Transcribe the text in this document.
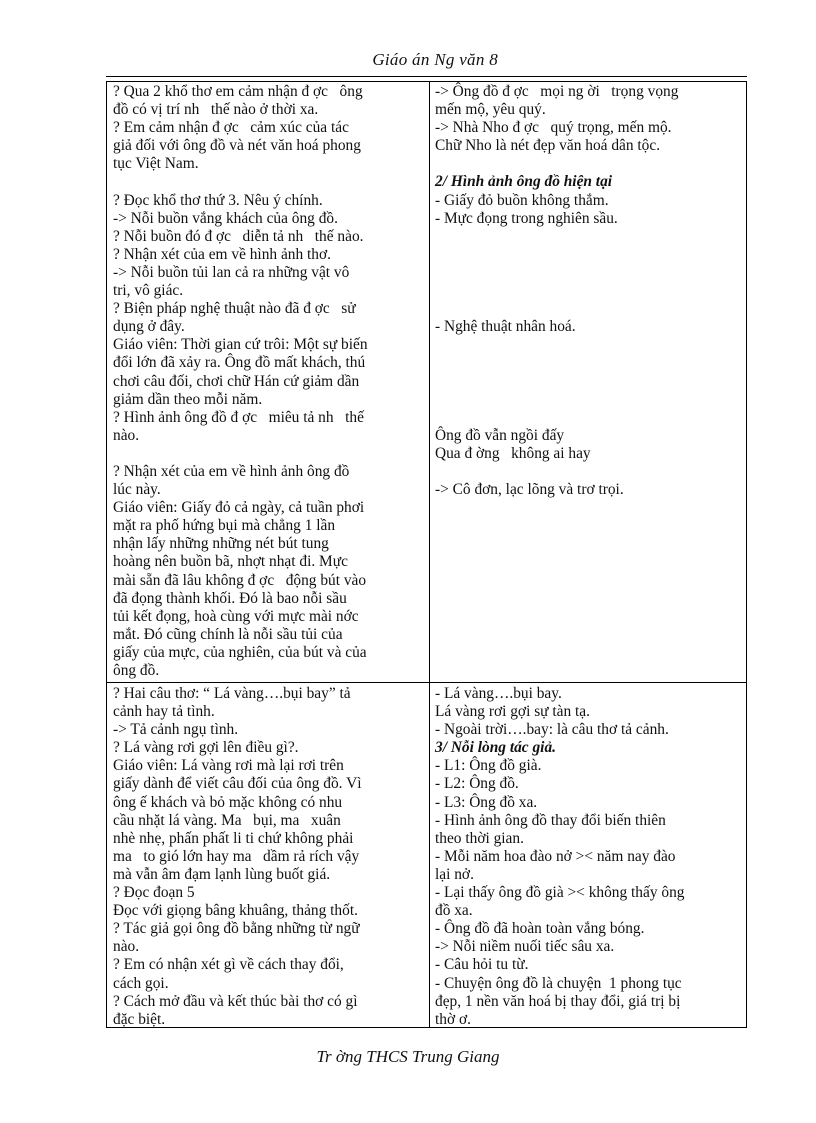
Giáo án Ng văn 8
? Qua 2 khổ thơ em cảm nhận đ ợc   ông
đồ có vị trí nh   thế nào ở thời xa.
? Em cảm nhận đ ợc   cảm xúc của tác
giả đối với ông đồ và nét văn hoá phong
tục Việt Nam.
? Đọc khổ thơ thứ 3. Nêu ý chính.
-> Nỗi buồn vắng khách của ông đồ.
? Nỗi buồn đó đ ợc   diễn tả nh   thế nào.
? Nhận xét của em về hình ảnh thơ.
-> Nỗi buồn tủi lan cả ra những vật vô
tri, vô giác.
? Biện pháp nghệ thuật nào đã đ ợc   sử
dụng ở đây.
Giáo viên: Thời gian cứ trôi: Một sự biến
đổi lớn đã xảy ra. Ông đồ mất khách, thú
chơi câu đối, chơi chữ Hán cứ giảm dần
giảm dần theo mỗi năm.
? Hình ảnh ông đồ đ ợc   miêu tả nh   thế
nào.
? Nhận xét của em về hình ảnh ông đồ
lúc này.
Giáo viên: Giấy đỏ cả ngày, cả tuần phơi
mặt ra phố hứng bụi mà chẳng 1 lần
nhận lấy những những nét bút tung
hoàng nên buồn bã, nhợt nhạt đi. Mực
mài sẵn đã lâu không đ ợc   động bút vào
đã đọng thành khối. Đó là bao nỗi sầu
tủi kết đọng, hoà cùng với mực mài nớc
mắt. Đó cũng chính là nỗi sầu tủi của
giấy của mực, của nghiên, của bút và của
ông đồ.
-> Ông đồ đ ợc   mọi ng ời   trọng vọng
mến mộ, yêu quý.
-> Nhà Nho đ ợc   quý trọng, mến mộ.
Chữ Nho là nét đẹp văn hoá dân tộc.
2/ Hình ảnh ông đồ hiện tại
- Giấy đỏ buồn không thắm.
- Mực đọng trong nghiên sầu.
- Nghệ thuật nhân hoá.
Ông đồ vẫn ngồi đấy
Qua đ ờng   không ai hay
-> Cô đơn, lạc lõng và trơ trọi.
? Hai câu thơ: “ Lá vàng….bụi bay” tả
cảnh hay tả tình.
-> Tả cảnh ngụ tình.
? Lá vàng rơi gợi lên điều gì?.
Giáo viên: Lá vàng rơi mà lại rơi trên
giấy dành để viết câu đối của ông đồ. Vì
ông ế khách và bỏ mặc không có nhu
cầu nhặt lá vàng. Ma   bụi, ma   xuân
nhè nhẹ, phấn phất li ti chứ không phải
ma   to gió lớn hay ma   dầm rả rích vậy
mà vẫn âm đạm lạnh lùng buốt giá.
? Đọc đoạn 5
Đọc với giọng bâng khuâng, thảng thốt.
? Tác giả gọi ông đồ bằng những từ ngữ
nào.
? Em có nhận xét gì về cách thay đổi,
cách gọi.
? Cách mở đầu và kết thúc bài thơ có gì
đặc biệt.
- Lá vàng….bụi bay.
Lá vàng rơi gợi sự tàn tạ.
- Ngoài trời….bay: là câu thơ tả cảnh.
3/ Nỗi lòng tác giả.
- L1: Ông đồ già.
- L2: Ông đồ.
- L3: Ông đồ xa.
- Hình ảnh ông đồ thay đổi biến thiên
theo thời gian.
- Mỗi năm hoa đào nở >< năm nay đào
lại nở.
- Lại thấy ông đồ già >< không thấy ông
đồ xa.
- Ông đồ đã hoàn toàn vắng bóng.
-> Nỗi niềm nuối tiếc sâu xa.
- Câu hỏi tu từ.
- Chuyện ông đồ là chuyện  1 phong tục
đẹp, 1 nền văn hoá bị thay đổi, giá trị bị
thờ ơ.
Tr ờng THCS Trung Giang
